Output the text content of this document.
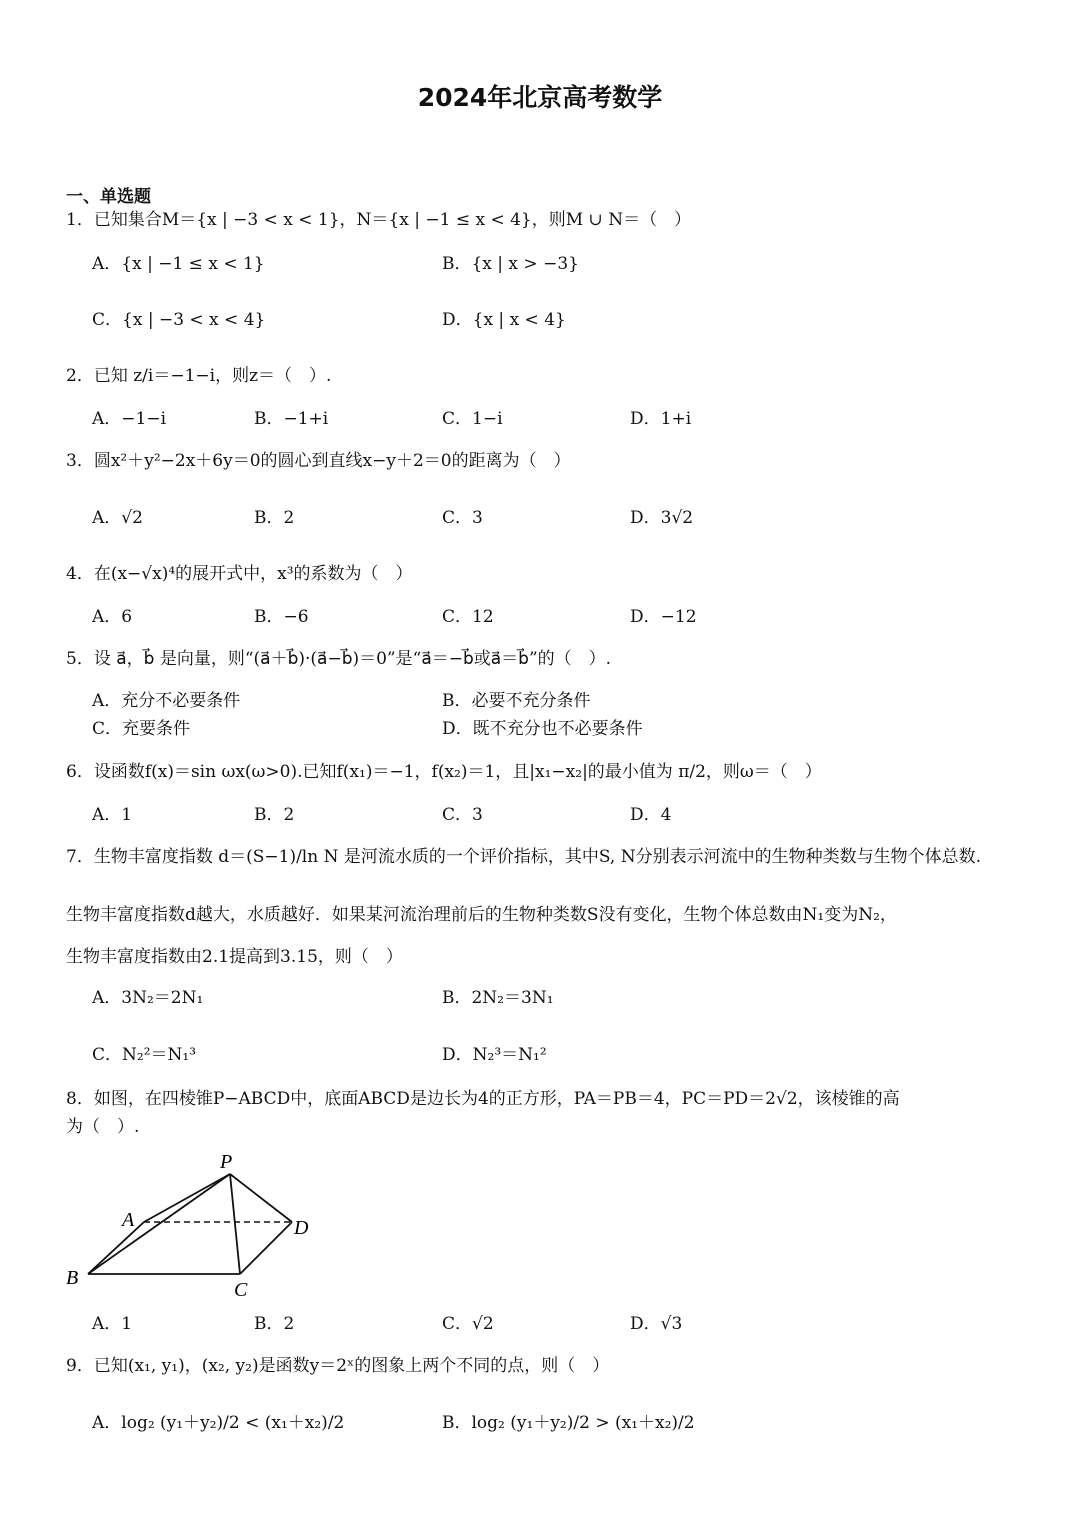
2024年北京高考数学
一、单选题
1．已知集合M＝{x | −3 < x < 1}，N＝{x | −1 ≤ x < 4}，则M ∪ N＝（　）
A．{x | −1 ≤ x < 1}	B．{x | x > −3}
C．{x | −3 < x < 4}	D．{x | x < 4}
2．已知 z/i＝−1−i，则z＝（　）.
A．−1−i	B．−1+i	C．1−i	D．1+i
3．圆x²＋y²−2x＋6y＝0的圆心到直线x−y＋2＝0的距离为（　）
A．√2	B．2	C．3	D．3√2
4．在(x−√x)⁴的展开式中，x³的系数为（　）
A．6	B．−6	C．12	D．−12
5．设 a⃗，b⃗ 是向量，则“(a⃗＋b⃗)·(a⃗−b⃗)＝0”是“a⃗＝−b⃗或a⃗＝b⃗”的（　）.
A．充分不必要条件	B．必要不充分条件
C．充要条件	D．既不充分也不必要条件
6．设函数f(x)＝sin ωx(ω>0).已知f(x₁)＝−1，f(x₂)＝1，且|x₁−x₂|的最小值为 π/2，则ω＝（　）
A．1	B．2	C．3	D．4
7．生物丰富度指数 d＝(S−1)/ln N 是河流水质的一个评价指标，其中S, N分别表示河流中的生物种类数与生物个体总数.
生物丰富度指数d越大，水质越好．如果某河流治理前后的生物种类数S没有变化，生物个体总数由N₁变为N₂，
生物丰富度指数由2.1提高到3.15，则（　）
A．3N₂＝2N₁	B．2N₂＝3N₁
C．N₂²＝N₁³	D．N₂³＝N₁²
8．如图，在四棱锥P−ABCD中，底面ABCD是边长为4的正方形，PA＝PB＝4，PC＝PD＝2√2，该棱锥的高
为（　）.
P
A	D
B
C
A．1	B．2	C．√2	D．√3
9．已知(x₁, y₁)，(x₂, y₂)是函数y＝2ˣ的图象上两个不同的点，则（　）
A．log₂ (y₁＋y₂)/2 < (x₁＋x₂)/2	B．log₂ (y₁＋y₂)/2 > (x₁＋x₂)/2
